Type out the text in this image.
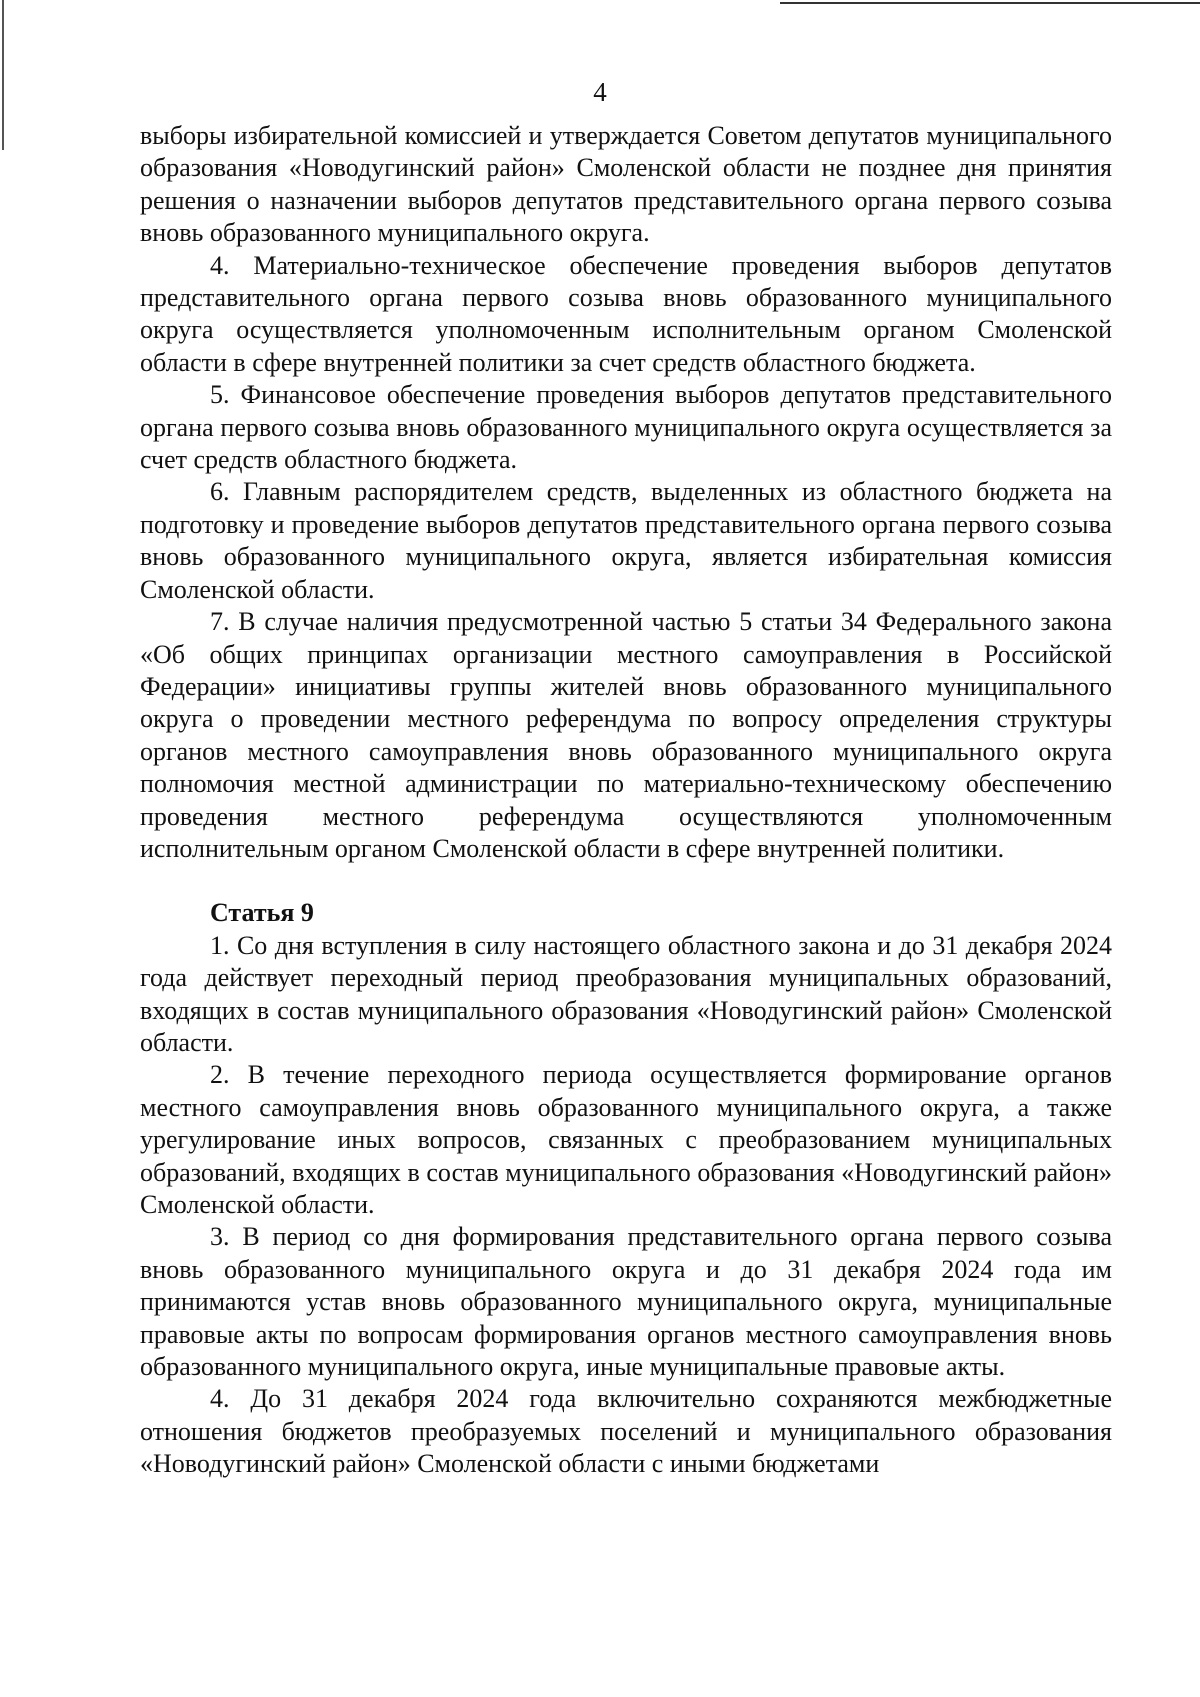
4

выборы избирательной комиссией и утверждается Советом депутатов муниципального образования «Новодугинский район» Смоленской области не позднее дня принятия решения о назначении выборов депутатов представительного органа первого созыва вновь образованного муниципального округа.

4. Материально-техническое обеспечение проведения выборов депутатов представительного органа первого созыва вновь образованного муниципального округа осуществляется уполномоченным исполнительным органом Смоленской области в сфере внутренней политики за счет средств областного бюджета.

5. Финансовое обеспечение проведения выборов депутатов представительного органа первого созыва вновь образованного муниципального округа осуществляется за счет средств областного бюджета.

6. Главным распорядителем средств, выделенных из областного бюджета на подготовку и проведение выборов депутатов представительного органа первого созыва вновь образованного муниципального округа, является избирательная комиссия Смоленской области.

7. В случае наличия предусмотренной частью 5 статьи 34 Федерального закона «Об общих принципах организации местного самоуправления в Российской Федерации» инициативы группы жителей вновь образованного муниципального округа о проведении местного референдума по вопросу определения структуры органов местного самоуправления вновь образованного муниципального округа полномочия местной администрации по материально-техническому обеспечению проведения местного референдума осуществляются уполномоченным исполнительным органом Смоленской области в сфере внутренней политики.

Статья 9

1. Со дня вступления в силу настоящего областного закона и до 31 декабря 2024 года действует переходный период преобразования муниципальных образований, входящих в состав муниципального образования «Новодугинский район» Смоленской области.

2. В течение переходного периода осуществляется формирование органов местного самоуправления вновь образованного муниципального округа, а также урегулирование иных вопросов, связанных с преобразованием муниципальных образований, входящих в состав муниципального образования «Новодугинский район» Смоленской области.

3. В период со дня формирования представительного органа первого созыва вновь образованного муниципального округа и до 31 декабря 2024 года им принимаются устав вновь образованного муниципального округа, муниципальные правовые акты по вопросам формирования органов местного самоуправления вновь образованного муниципального округа, иные муниципальные правовые акты.

4. До 31 декабря 2024 года включительно сохраняются межбюджетные отношения бюджетов преобразуемых поселений и муниципального образования «Новодугинский район» Смоленской области с иными бюджетами
